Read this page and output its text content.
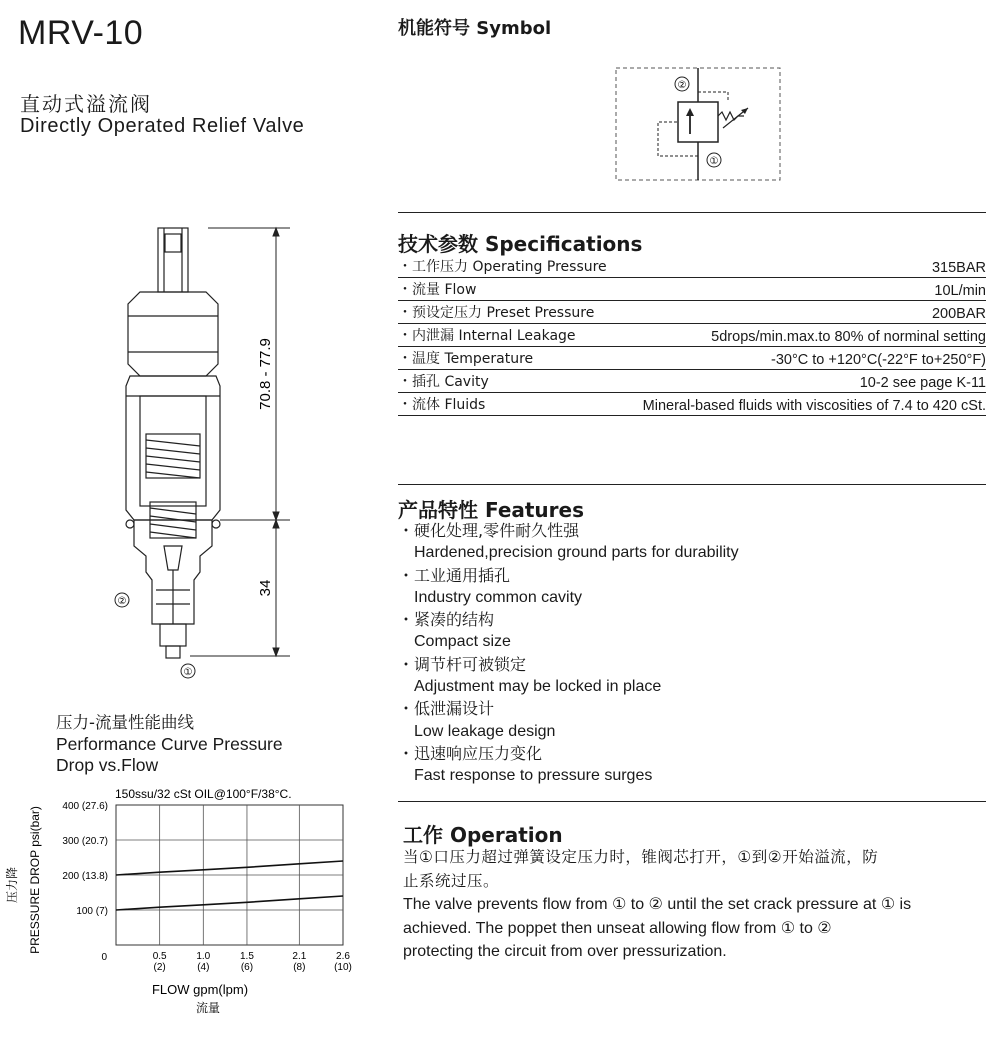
MRV-10
直动式溢流阀
Directly Operated Relief Valve
机能符号 Symbol
②
①
70.8 - 77.9
34
②
①
技术参数 Specifications
・工作压力 Operating Pressure	315BAR
・流量 Flow	10L/min
・预设定压力 Preset Pressure	200BAR
・内泄漏 Internal Leakage	5drops/min.max.to 80% of norminal setting
・温度 Temperature	-30°C to +120°C(-22°F to+250°F)
・插孔 Cavity	10-2 see page K-11
・流体 Fluids	Mineral-based fluids with viscosities of 7.4 to 420 cSt.
产品特性 Features
・硬化处理,零件耐久性强
Hardened,precision ground parts for durability
・工业通用插孔
Industry common cavity
・紧凑的结构
Compact size
・调节杆可被锁定
Adjustment may be locked in place
・低泄漏设计
Low leakage design
・迅速响应压力变化
Fast response to pressure surges
工作 Operation
当①口压力超过弹簧设定压力时，锥阀芯打开，①到②开始溢流，防
止系统过压。
The valve prevents flow from ① to ② until the set crack pressure at ① is
achieved. The poppet then unseat allowing flow from ① to ②
protecting the circuit from over pressurization.
压力-流量性能曲线
Performance Curve Pressure
Drop vs.Flow
150ssu/32 cSt OIL@100°F/38°C.
压力降 PRESSURE DROP psi(bar)
FLOW gpm(lpm)
流量
0	0.5
(2)
1.0
(4)
1.5
(6)
2.1
(8)
2.6
(10)
100 (7)
200 (13.8)
300 (20.7)
400 (27.6)
